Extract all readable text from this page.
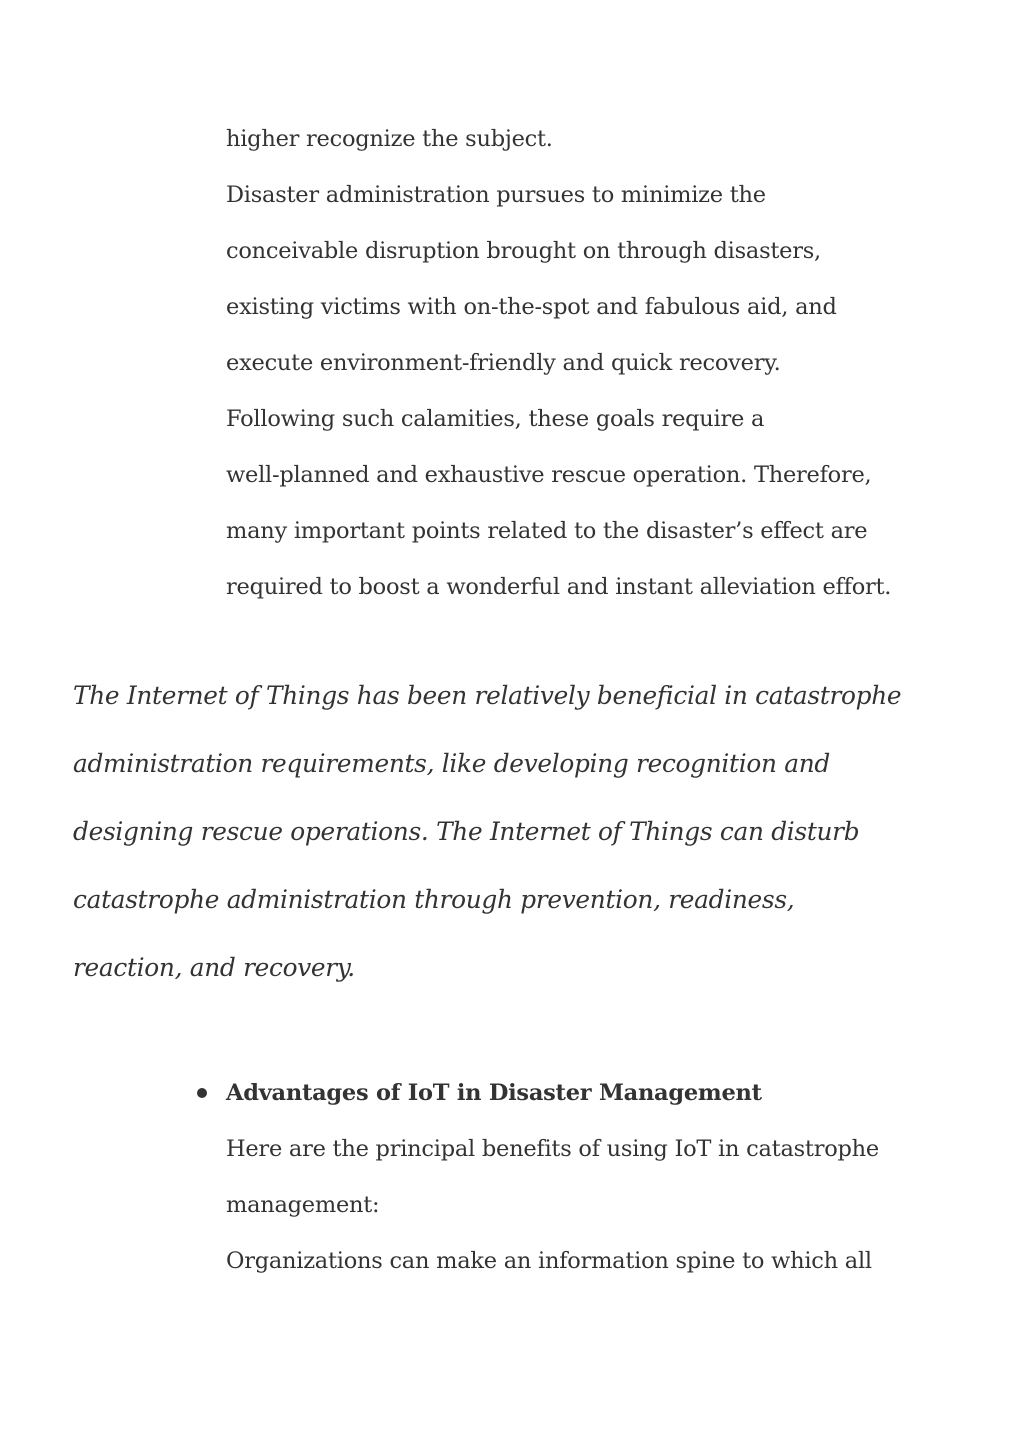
higher recognize the subject.

Disaster administration pursues to minimize the

conceivable disruption brought on through disasters,

existing victims with on-the-spot and fabulous aid, and

execute environment-friendly and quick recovery.

Following such calamities, these goals require a

well-planned and exhaustive rescue operation. Therefore,

many important points related to the disaster’s effect are

required to boost a wonderful and instant alleviation effort.

The Internet of Things has been relatively beneficial in catastrophe

administration requirements, like developing recognition and

designing rescue operations. The Internet of Things can disturb

catastrophe administration through prevention, readiness,

reaction, and recovery.

Advantages of IoT in Disaster Management

Here are the principal benefits of using IoT in catastrophe

management:

Organizations can make an information spine to which all
